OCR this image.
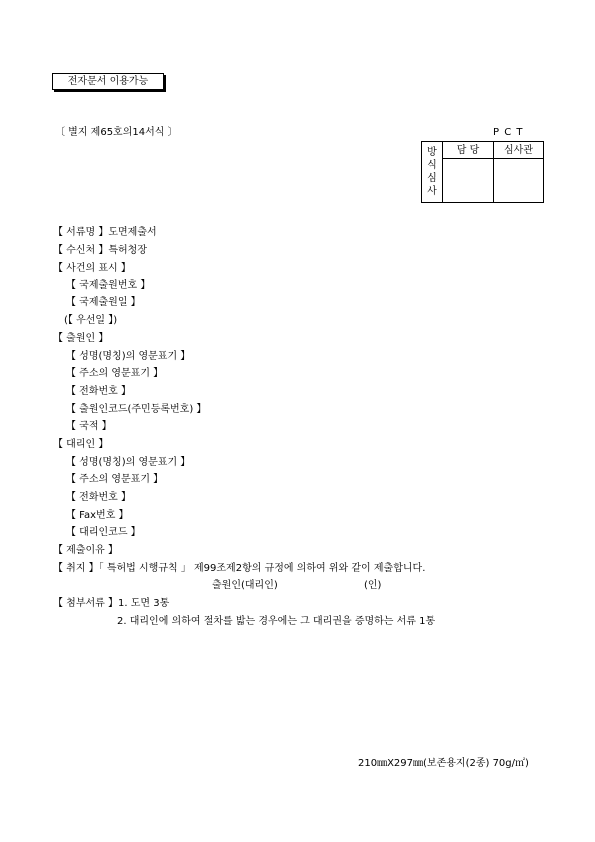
전자문서 이용가능
〔 별지 제65호의14서식 〕	P C T
방
식
심
사
담 당	심사관
【 서류명 】도면제출서
【 수신처 】특허청장
【 사건의 표시 】
【 국제출원번호 】
【 국제출원일 】
(【 우선일 】)
【 출원인 】
【 성명(명칭)의 영문표기 】
【 주소의 영문표기 】
【 전화번호 】
【 출원인코드(주민등록번호) 】
【 국적 】
【 대리인 】
【 성명(명칭)의 영문표기 】
【 주소의 영문표기 】
【 전화번호 】
【 Fax번호 】
【 대리인코드 】
【 제출이유 】
【 취지 】「 특허법 시행규칙 」 제99조제2항의 규정에 의하여 위와 같이 제출합니다.
출원인(대리인)	(인)
【 첨부서류 】1. 도면 3통
2. 대리인에 의하여 절차를 밟는 경우에는 그 대리권을 증명하는 서류 1통
210㎜X297㎜(보존용지(2종) 70g/㎡)
